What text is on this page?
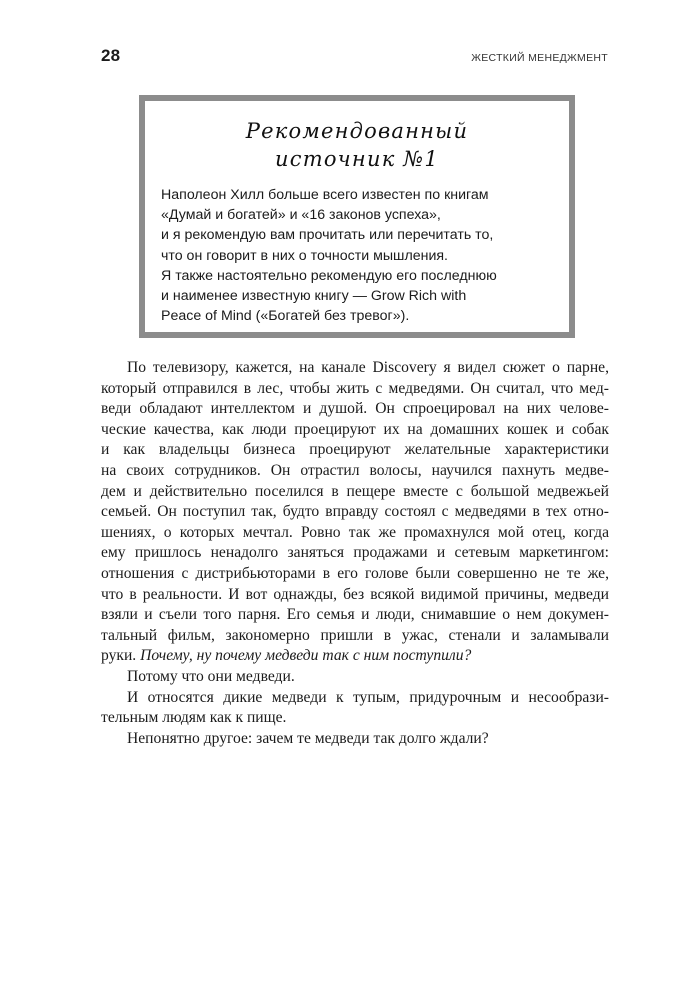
28	ЖЕСТКИЙ МЕНЕДЖМЕНТ
Рекомендованный
источник №1

Наполеон Хилл больше всего известен по книгам
«Думай и богатей» и «16 законов успеха»,
и я рекомендую вам прочитать или перечитать то,
что он говорит в них о точности мышления.
Я также настоятельно рекомендую его последнюю
и наименее известную книгу — Grow Rich with
Peace of Mind («Богатей без тревог»).

По телевизору, кажется, на канале Discovery я видел сюжет о парне,
который отправился в лес, чтобы жить с медведями. Он считал, что мед-
веди обладают интеллектом и душой. Он спроецировал на них челове-
ческие качества, как люди проецируют их на домашних кошек и собак
и как владельцы бизнеса проецируют желательные характеристики
на своих сотрудников. Он отрастил волосы, научился пахнуть медве-
дем и действительно поселился в пещере вместе с большой медвежьей
семьей. Он поступил так, будто вправду состоял с медведями в тех отно-
шениях, о которых мечтал. Ровно так же промахнулся мой отец, когда
ему пришлось ненадолго заняться продажами и сетевым маркетингом:
отношения с дистрибьюторами в его голове были совершенно не те же,
что в реальности. И вот однажды, без всякой видимой причины, медведи
взяли и съели того парня. Его семья и люди, снимавшие о нем докумен-
тальный фильм, закономерно пришли в ужас, стенали и заламывали
руки. Почему, ну почему медведи так с ним поступили?
Потому что они медведи.
И относятся дикие медведи к тупым, придурочным и несообрази-
тельным людям как к пище.
Непонятно другое: зачем те медведи так долго ждали?
